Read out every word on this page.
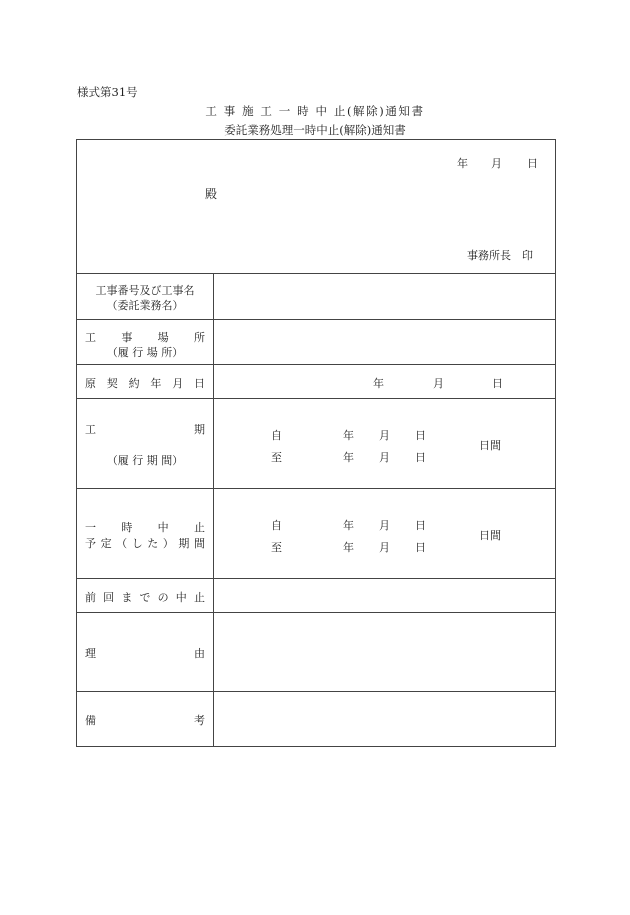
様式第31号
工 事 施 工 一 時 中 止(解除)通知書
委託業務処理一時中止(解除)通知書
年 月 日
殿
事務所長　印
工事番号及び工事名
（委託業務名）
工 事 場 所
（履 行 場 所）
原 契 約 年 月 日	年	月	日
工	期
（履 行 期 間）
自	年 月 日
至	年 月 日
日間
一 時 中 止
予 定 （ し た ） 期 間
自	年 月 日
至	年 月 日
日間
前 回 ま で の 中 止
理	由
備	考
